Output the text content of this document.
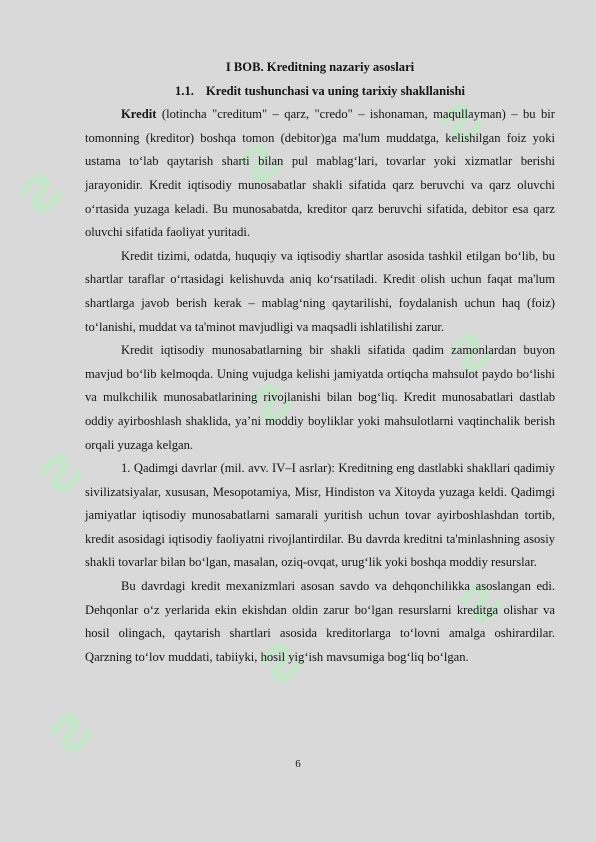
ꙅ ꙅ ꙅ
ꙅ
ꙅ
ꙅ
ꙅ
ꙅ
ꙅ
I BOB. Kreditning nazariy asoslari
1.1. Kredit tushunchasi va uning tarixiy shakllanishi

Kredit (lotincha "creditum" – qarz, "credo" – ishonaman, maqullayman) – bu bir tomonning (kreditor) boshqa tomon (debitor)ga ma'lum muddatga, kelishilgan foiz yoki ustama to‘lab qaytarish sharti bilan pul mablag‘lari, tovarlar yoki xizmatlar berishi jarayonidir. Kredit iqtisodiy munosabatlar shakli sifatida qarz beruvchi va qarz oluvchi o‘rtasida yuzaga keladi. Bu munosabatda, kreditor qarz beruvchi sifatida, debitor esa qarz oluvchi sifatida faoliyat yuritadi.

Kredit tizimi, odatda, huquqiy va iqtisodiy shartlar asosida tashkil etilgan bo‘lib, bu shartlar taraflar o‘rtasidagi kelishuvda aniq ko‘rsatiladi. Kredit olish uchun faqat ma'lum shartlarga javob berish kerak – mablag‘ning qaytarilishi, foydalanish uchun haq (foiz) to‘lanishi, muddat va ta'minot mavjudligi va maqsadli ishlatilishi zarur.

Kredit iqtisodiy munosabatlarning bir shakli sifatida qadim zamonlardan buyon mavjud bo‘lib kelmoqda. Uning vujudga kelishi jamiyatda ortiqcha mahsulot paydo bo‘lishi va mulkchilik munosabatlarining rivojlanishi bilan bog‘liq. Kredit munosabatlari dastlab oddiy ayirboshlash shaklida, ya’ni moddiy boyliklar yoki mahsulotlarni vaqtinchalik berish orqali yuzaga kelgan.

1. Qadimgi davrlar (mil. avv. IV–I asrlar): Kreditning eng dastlabki shakllari qadimiy sivilizatsiyalar, xususan, Mesopotamiya, Misr, Hindiston va Xitoyda yuzaga keldi. Qadimgi jamiyatlar iqtisodiy munosabatlarni samarali yuritish uchun tovar ayirboshlashdan tortib, kredit asosidagi iqtisodiy faoliyatni rivojlantirdilar. Bu davrda kreditni ta'minlashning asosiy shakli tovarlar bilan bo‘lgan, masalan, oziq-ovqat, urug‘lik yoki boshqa moddiy resurslar.

Bu davrdagi kredit mexanizmlari asosan savdo va dehqonchilikka asoslangan edi. Dehqonlar o‘z yerlarida ekin ekishdan oldin zarur bo‘lgan resurslarni kreditga olishar va hosil olingach, qaytarish shartlari asosida kreditorlarga to‘lovni amalga oshirardilar. Qarzning to‘lov muddati, tabiiyki, hosil yig‘ish mavsumiga bog‘liq bo‘lgan.

6
